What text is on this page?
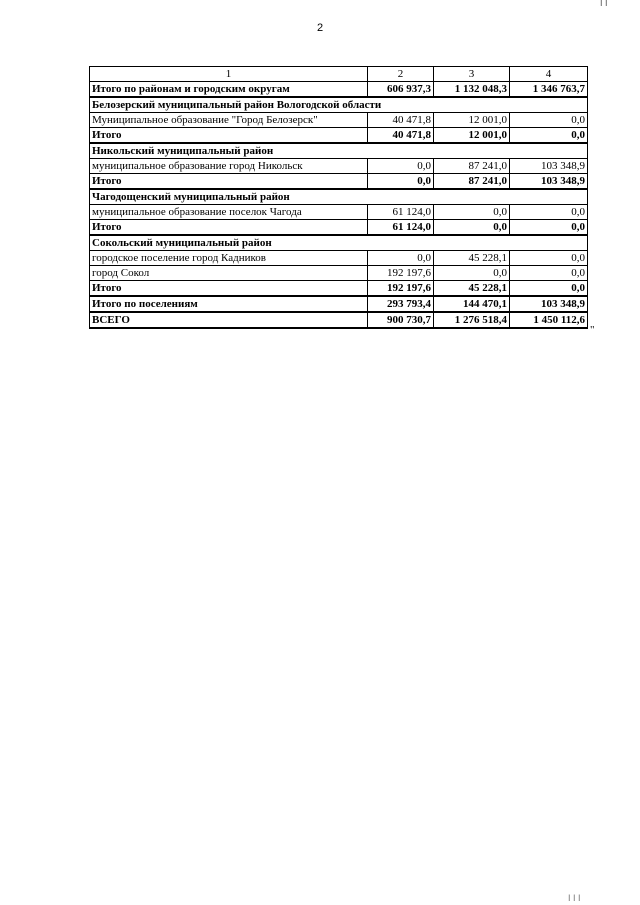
I I
2
1	2	3	4
Итого по районам и городским округам	606 937,3	1 132 048,3	1 346 763,7
Белозерский муниципальный район Вологодской области			
Муниципальное образование "Город Белозерск"	40 471,8	12 001,0	0,0
Итого	40 471,8	12 001,0	0,0
Никольский муниципальный район			
муниципальное образование город Никольск	0,0	87 241,0	103 348,9
Итого	0,0	87 241,0	103 348,9
Чагодощенский муниципальный район			
муниципальное образование поселок Чагода	61 124,0	0,0	0,0
Итого	61 124,0	0,0	0,0
Сокольский муниципальный район			
городское поселение город Кадников	0,0	45 228,1	0,0
город Сокол	192 197,6	0,0	0,0
Итого	192 197,6	45 228,1	0,0
Итого по поселениям	293 793,4	144 470,1	103 348,9
ВСЕГО	900 730,7	1 276 518,4	1 450 112,6
"
I I I
